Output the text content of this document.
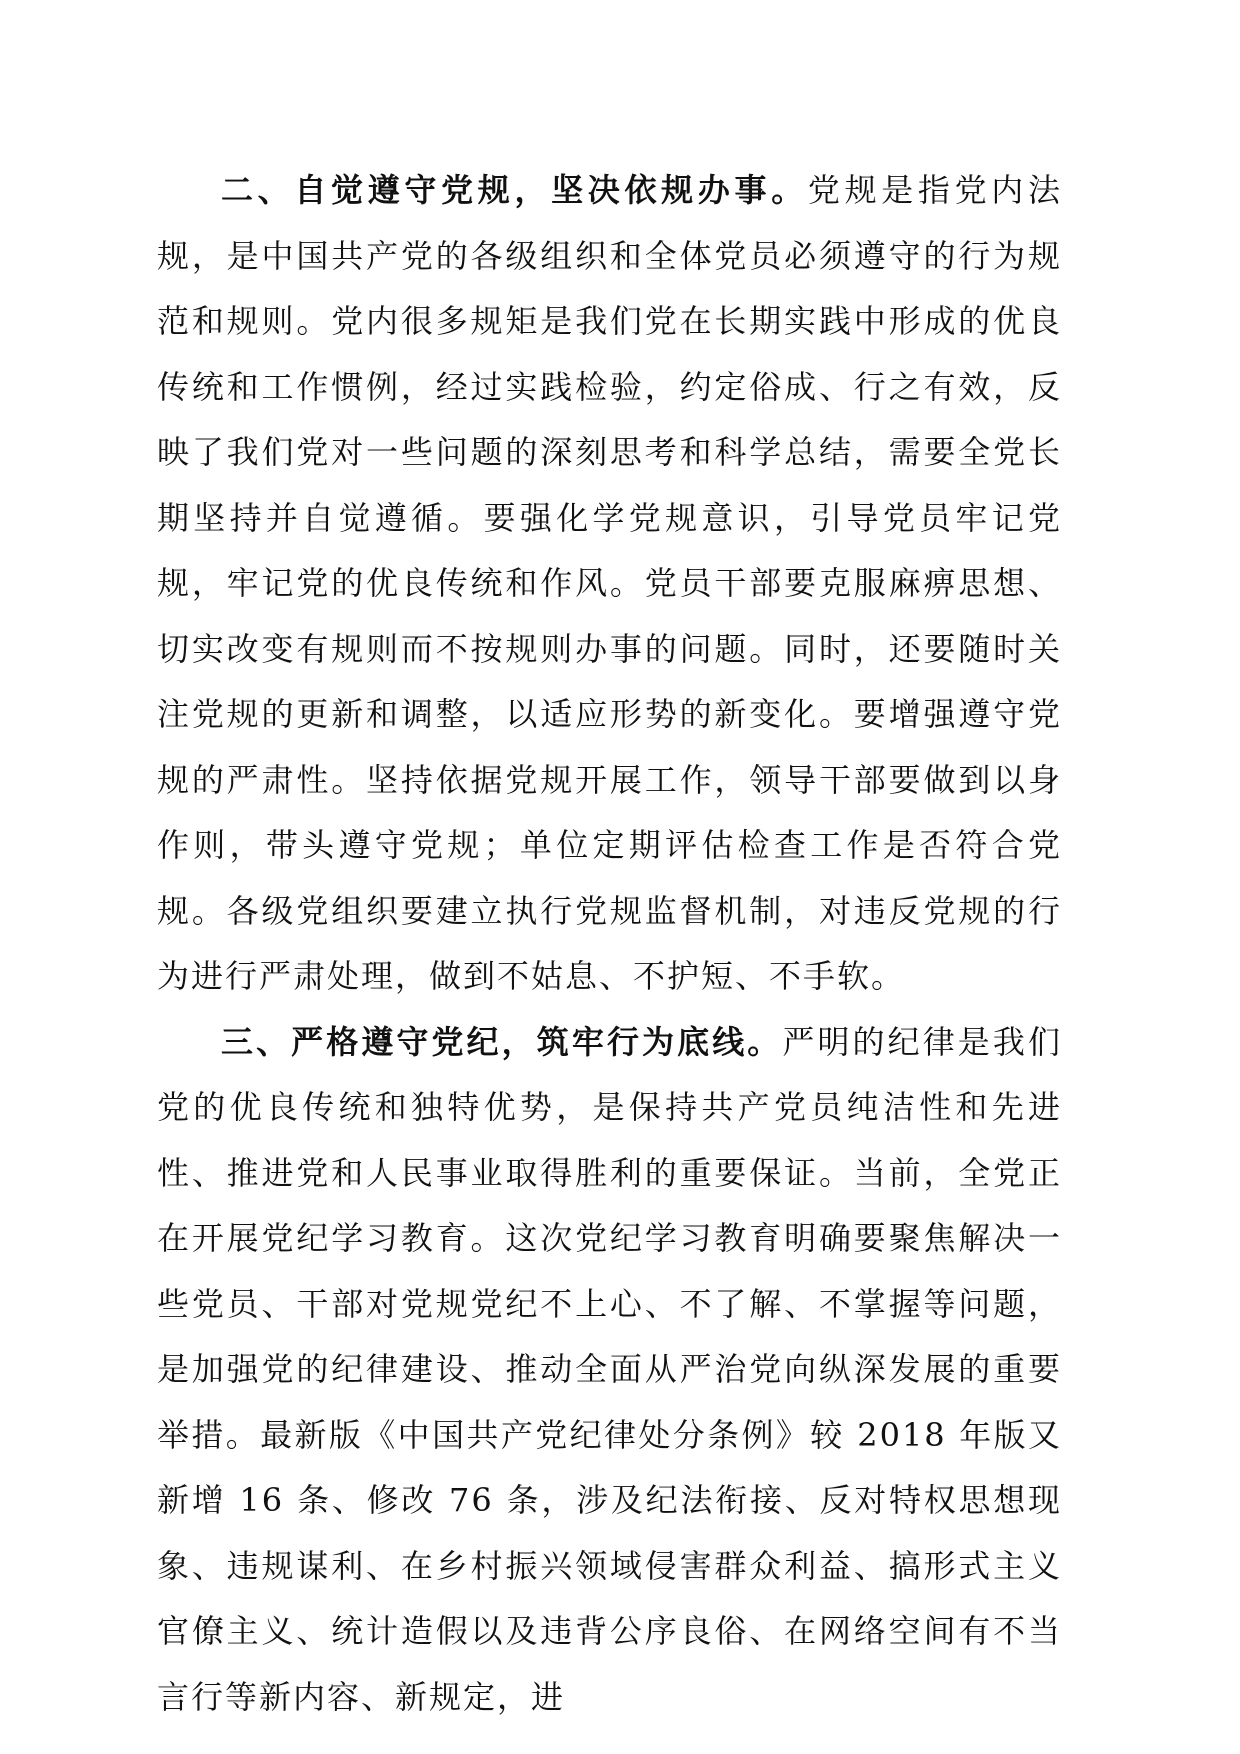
二、自觉遵守党规，坚决依规办事。党规是指党内法规，是中国共产党的各级组织和全体党员必须遵守的行为规范和规则。党内很多规矩是我们党在长期实践中形成的优良传统和工作惯例，经过实践检验，约定俗成、行之有效，反映了我们党对一些问题的深刻思考和科学总结，需要全党长期坚持并自觉遵循。要强化学党规意识，引导党员牢记党规，牢记党的优良传统和作风。党员干部要克服麻痹思想、切实改变有规则而不按规则办事的问题。同时，还要随时关注党规的更新和调整，以适应形势的新变化。要增强遵守党规的严肃性。坚持依据党规开展工作，领导干部要做到以身作则，带头遵守党规；单位定期评估检查工作是否符合党规。各级党组织要建立执行党规监督机制，对违反党规的行为进行严肃处理，做到不姑息、不护短、不手软。

三、严格遵守党纪，筑牢行为底线。严明的纪律是我们党的优良传统和独特优势，是保持共产党员纯洁性和先进性、推进党和人民事业取得胜利的重要保证。当前，全党正在开展党纪学习教育。这次党纪学习教育明确要聚焦解决一些党员、干部对党规党纪不上心、不了解、不掌握等问题，是加强党的纪律建设、推动全面从严治党向纵深发展的重要举措。最新版《中国共产党纪律处分条例》较 2018 年版又新增 16 条、修改 76 条，涉及纪法衔接、反对特权思想现象、违规谋利、在乡村振兴领域侵害群众利益、搞形式主义官僚主义、统计造假以及违背公序良俗、在网络空间有不当言行等新内容、新规定，进
